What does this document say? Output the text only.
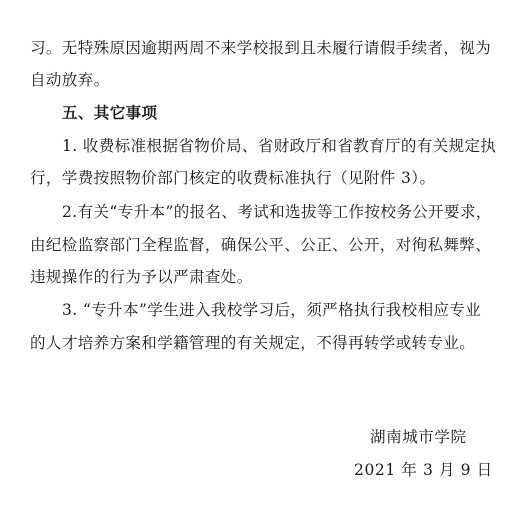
习。无特殊原因逾期两周不来学校报到且未履行请假手续者，视为
自动放弃。
五、其它事项
1. 收费标准根据省物价局、省财政厅和省教育厅的有关规定执
行，学费按照物价部门核定的收费标准执行（见附件 3）。
2.有关“专升本”的报名、考试和选拔等工作按校务公开要求，
由纪检监察部门全程监督，确保公平、公正、公开，对徇私舞弊、
违规操作的行为予以严肃查处。
3. “专升本”学生进入我校学习后，须严格执行我校相应专业
的人才培养方案和学籍管理的有关规定，不得再转学或转专业。
湖南城市学院
2021 年 3 月 9 日
